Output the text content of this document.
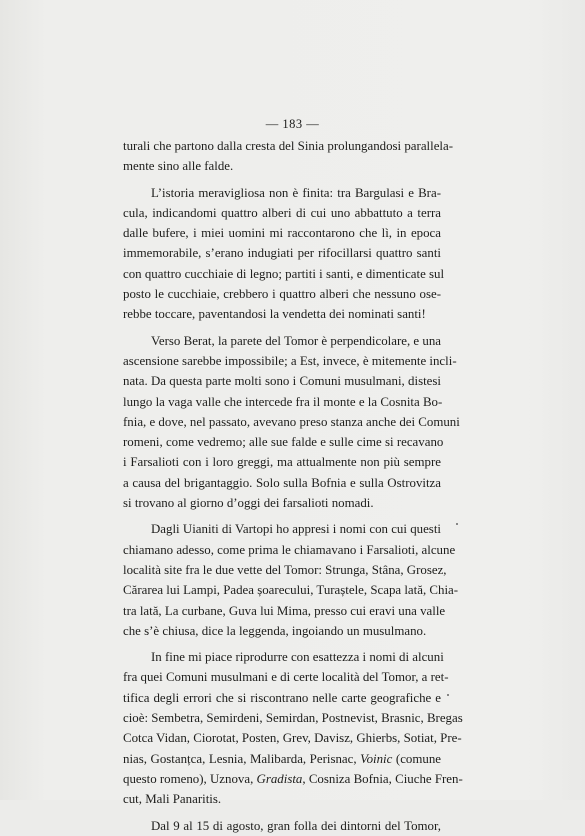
— 183 —
turali che partono dalla cresta del Sinia prolungandosi parallela-
mente sino alle falde.
L’istoria meravigliosa non è finita: tra Bargulasi e Bra-
cula, indicandomi quattro alberi di cui uno abbattuto a terra
dalle bufere, i miei uomini mi raccontarono che lì, in epoca
immemorabile, s’erano indugiati per rifocillarsi quattro santi
con quattro cucchiaie di legno; partiti i santi, e dimenticate sul
posto le cucchiaie, crebbero i quattro alberi che nessuno ose-
rebbe toccare, paventandosi la vendetta dei nominati santi!
Verso Berat, la parete del Tomor è perpendicolare, e una
ascensione sarebbe impossibile; a Est, invece, è mitemente incli-
nata. Da questa parte molti sono i Comuni musulmani, distesi
lungo la vaga valle che intercede fra il monte e la Cosnita Bo-
fnia, e dove, nel passato, avevano preso stanza anche dei Comuni
romeni, come vedremo; alle sue falde e sulle cime si recavano
i Farsalioti con i loro greggi, ma attualmente non più sempre
a causa del brigantaggio. Solo sulla Bofnia e sulla Ostrovitza
si trovano al giorno d’oggi dei farsalioti nomadi.
Dagli Uianiti di Vartopi ho appresi i nomi con cui questi
chiamano adesso, come prima le chiamavano i Farsalioti, alcune
località site fra le due vette del Tomor: Strunga, Stâna, Grosez,
Cărarea lui Lampi, Padea șoarecului, Turaștele, Scapa lată, Chia-
tra lată, La curbane, Guva lui Mima, presso cui eravi una valle
che s’è chiusa, dice la leggenda, ingoiando un musulmano.
In fine mi piace riprodurre con esattezza i nomi di alcuni
fra quei Comuni musulmani e di certe località del Tomor, a ret-
tifica degli errori che si riscontrano nelle carte geografiche e
cioè: Sembetra, Semirdeni, Semirdan, Postnevist, Brasnic, Bregas
Cotca Vidan, Ciorotat, Posten, Grev, Davisz, Ghierbs, Sotiat, Pre-
nias, Gostanțca, Lesnia, Malibarda, Perisnac, Voinic (comune
questo romeno), Uznova, Gradista, Cosniza Bofnia, Ciuche Fren-
cut, Mali Panaritis.
Dal 9 al 15 di agosto, gran folla dei dintorni del Tomor,
